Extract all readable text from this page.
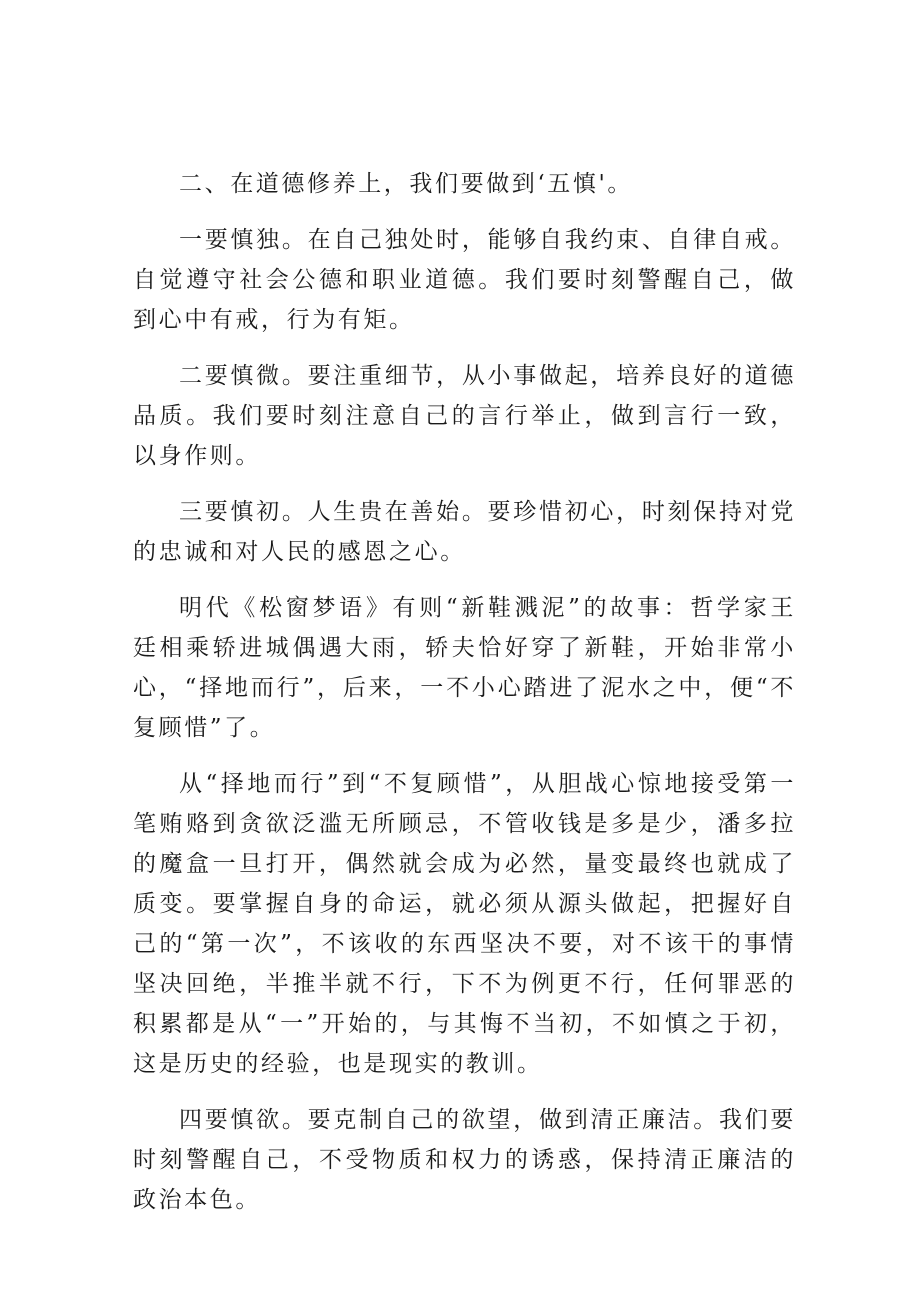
二、在道德修养上，我们要做到‘五慎'。

一要慎独。在自己独处时，能够自我约束、自律自戒。自觉遵守社会公德和职业道德。我们要时刻警醒自己，做到心中有戒，行为有矩。

二要慎微。要注重细节，从小事做起，培养良好的道德品质。我们要时刻注意自己的言行举止，做到言行一致，以身作则。

三要慎初。人生贵在善始。要珍惜初心，时刻保持对党的忠诚和对人民的感恩之心。

明代《松窗梦语》有则“新鞋溅泥”的故事：哲学家王廷相乘轿进城偶遇大雨，轿夫恰好穿了新鞋，开始非常小心，“择地而行”，后来，一不小心踏进了泥水之中，便“不复顾惜”了。

从“择地而行”到“不复顾惜”，从胆战心惊地接受第一笔贿赂到贪欲泛滥无所顾忌，不管收钱是多是少，潘多拉的魔盒一旦打开，偶然就会成为必然，量变最终也就成了质变。要掌握自身的命运，就必须从源头做起，把握好自己的“第一次”，不该收的东西坚决不要，对不该干的事情坚决回绝，半推半就不行，下不为例更不行，任何罪恶的积累都是从“一”开始的，与其悔不当初，不如慎之于初，这是历史的经验，也是现实的教训。

四要慎欲。要克制自己的欲望，做到清正廉洁。我们要时刻警醒自己，不受物质和权力的诱惑，保持清正廉洁的政治本色。
